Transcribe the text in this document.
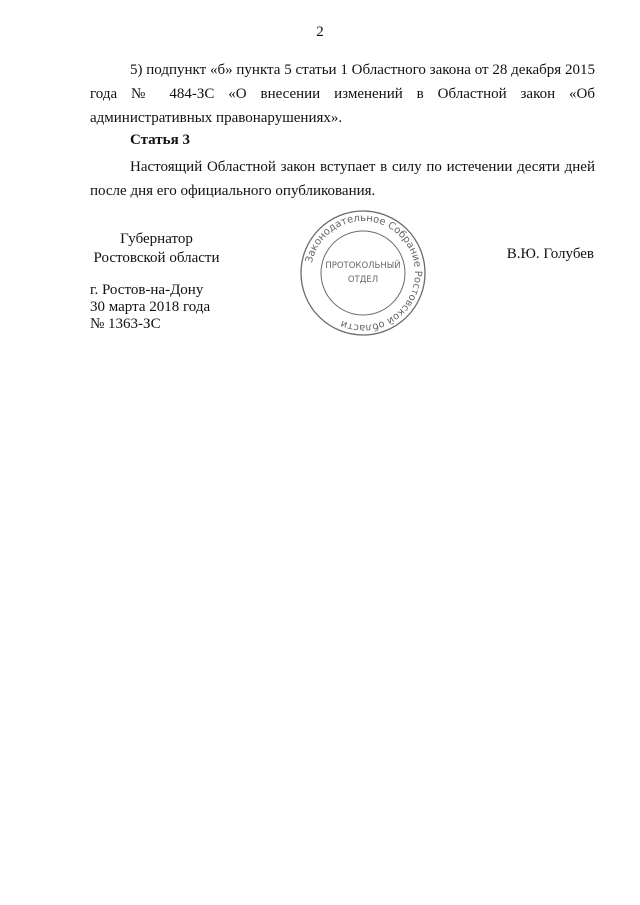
2

5) подпункт «б» пункта 5 статьи 1 Областного закона от 28 декабря 2015 года № 484-ЗС «О внесении изменений в Областной закон «Об административных правонарушениях».

Статья 3

Настоящий Областной закон вступает в силу по истечении десяти дней после дня его официального опубликования.

Губернатор
Ростовской области	Законодательное Собрание Ростовской области
ПРОТОКОЛЬНЫЙ
ОТДЕЛ
В.Ю. Голубев
г. Ростов-на-Дону
30 марта 2018 года
№ 1363-ЗС
